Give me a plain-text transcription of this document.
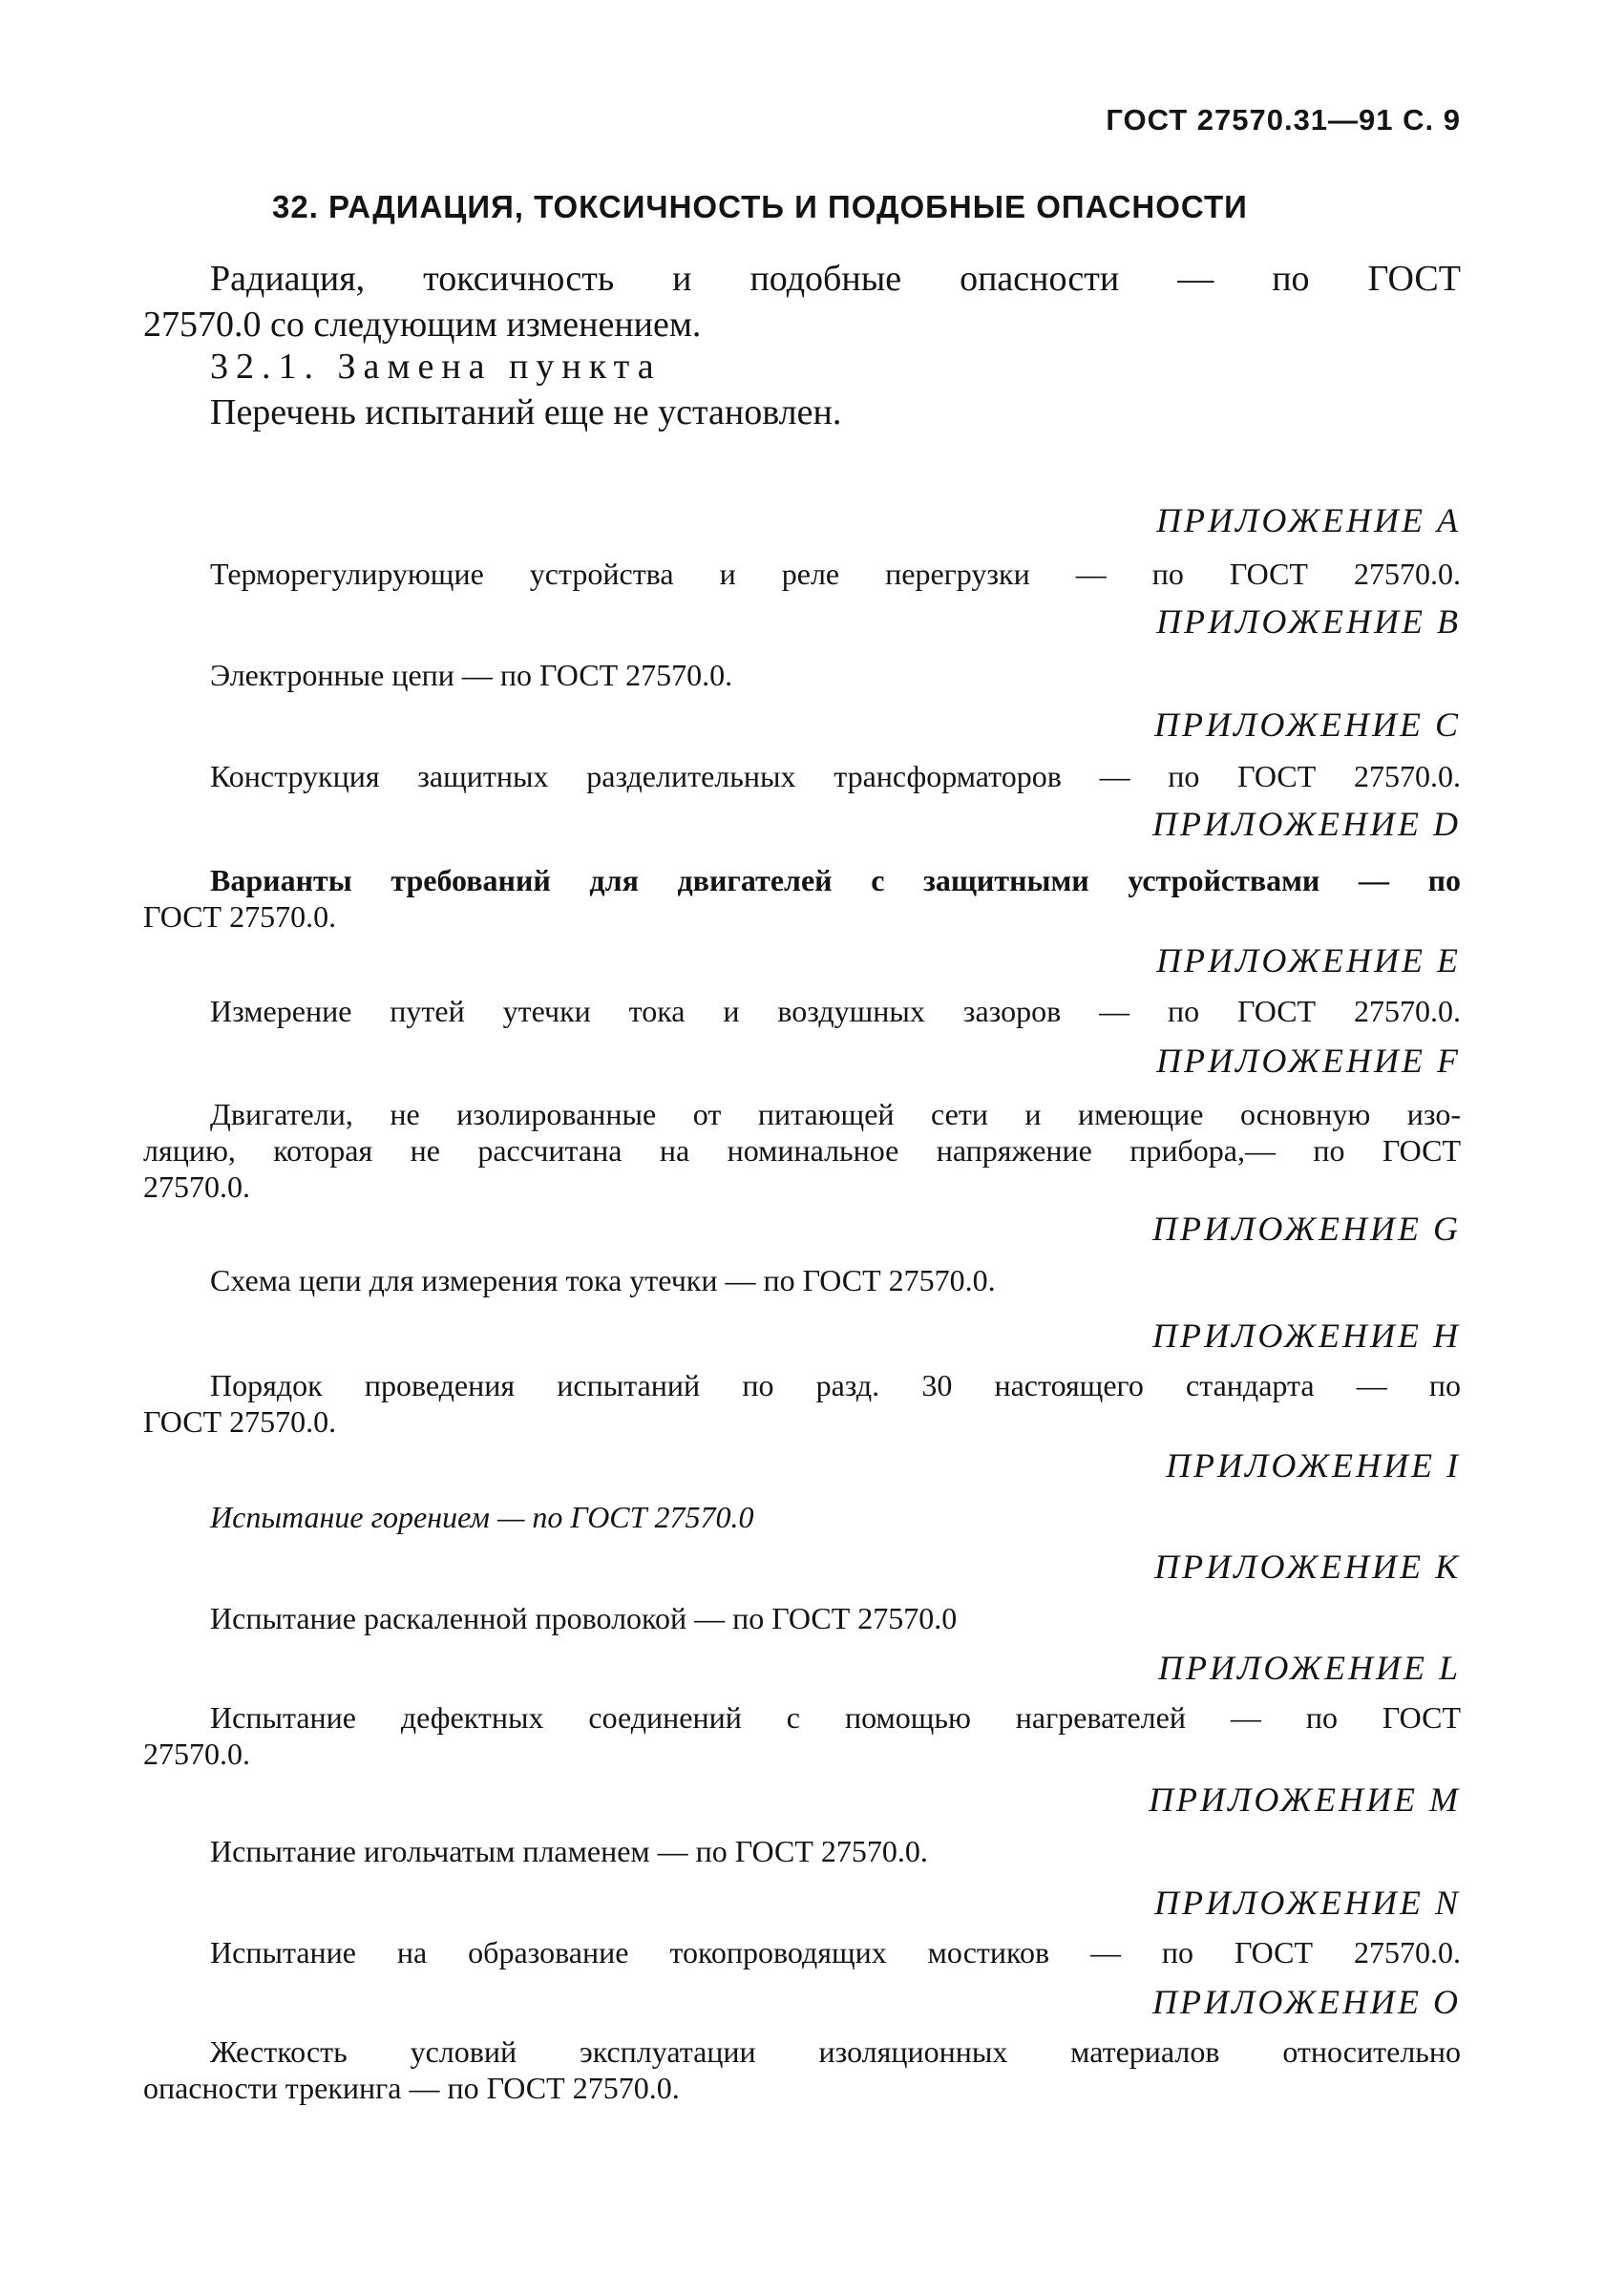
ГОСТ 27570.31—91 С. 9
32. РАДИАЦИЯ, ТОКСИЧНОСТЬ И ПОДОБНЫЕ ОПАСНОСТИ
Радиация, токсичность и подобные опасности — по ГОСТ
27570.0 со следующим изменением.
32.1. Замена пункта
Перечень испытаний еще не установлен.
ПРИЛОЖЕНИЕ А
Терморегулирующие устройства и реле перегрузки — по ГОСТ 27570.0.
ПРИЛОЖЕНИЕ В
Электронные цепи — по ГОСТ 27570.0.
ПРИЛОЖЕНИЕ С
Конструкция защитных разделительных трансформаторов — по ГОСТ 27570.0.
ПРИЛОЖЕНИЕ D
Варианты требований для двигателей с защитными устройствами — по
ГОСТ 27570.0.
ПРИЛОЖЕНИЕ Е
Измерение путей утечки тока и воздушных зазоров — по ГОСТ 27570.0.
ПРИЛОЖЕНИЕ F
Двигатели, не изолированные от питающей сети и имеющие основную изо-
ляцию, которая не рассчитана на номинальное напряжение прибора,— по ГОСТ
27570.0.
ПРИЛОЖЕНИЕ G
Схема цепи для измерения тока утечки — по ГОСТ 27570.0.
ПРИЛОЖЕНИЕ Н
Порядок проведения испытаний по разд. 30 настоящего стандарта — по
ГОСТ 27570.0.
ПРИЛОЖЕНИЕ I
Испытание горением — по ГОСТ 27570.0
ПРИЛОЖЕНИЕ К
Испытание раскаленной проволокой — по ГОСТ 27570.0
ПРИЛОЖЕНИЕ L
Испытание дефектных соединений с помощью нагревателей — по ГОСТ
27570.0.
ПРИЛОЖЕНИЕ М
Испытание игольчатым пламенем — по ГОСТ 27570.0.
ПРИЛОЖЕНИЕ N
Испытание на образование токопроводящих мостиков — по ГОСТ 27570.0.
ПРИЛОЖЕНИЕ О
Жесткость условий эксплуатации изоляционных материалов относительно
опасности трекинга — по ГОСТ 27570.0.
